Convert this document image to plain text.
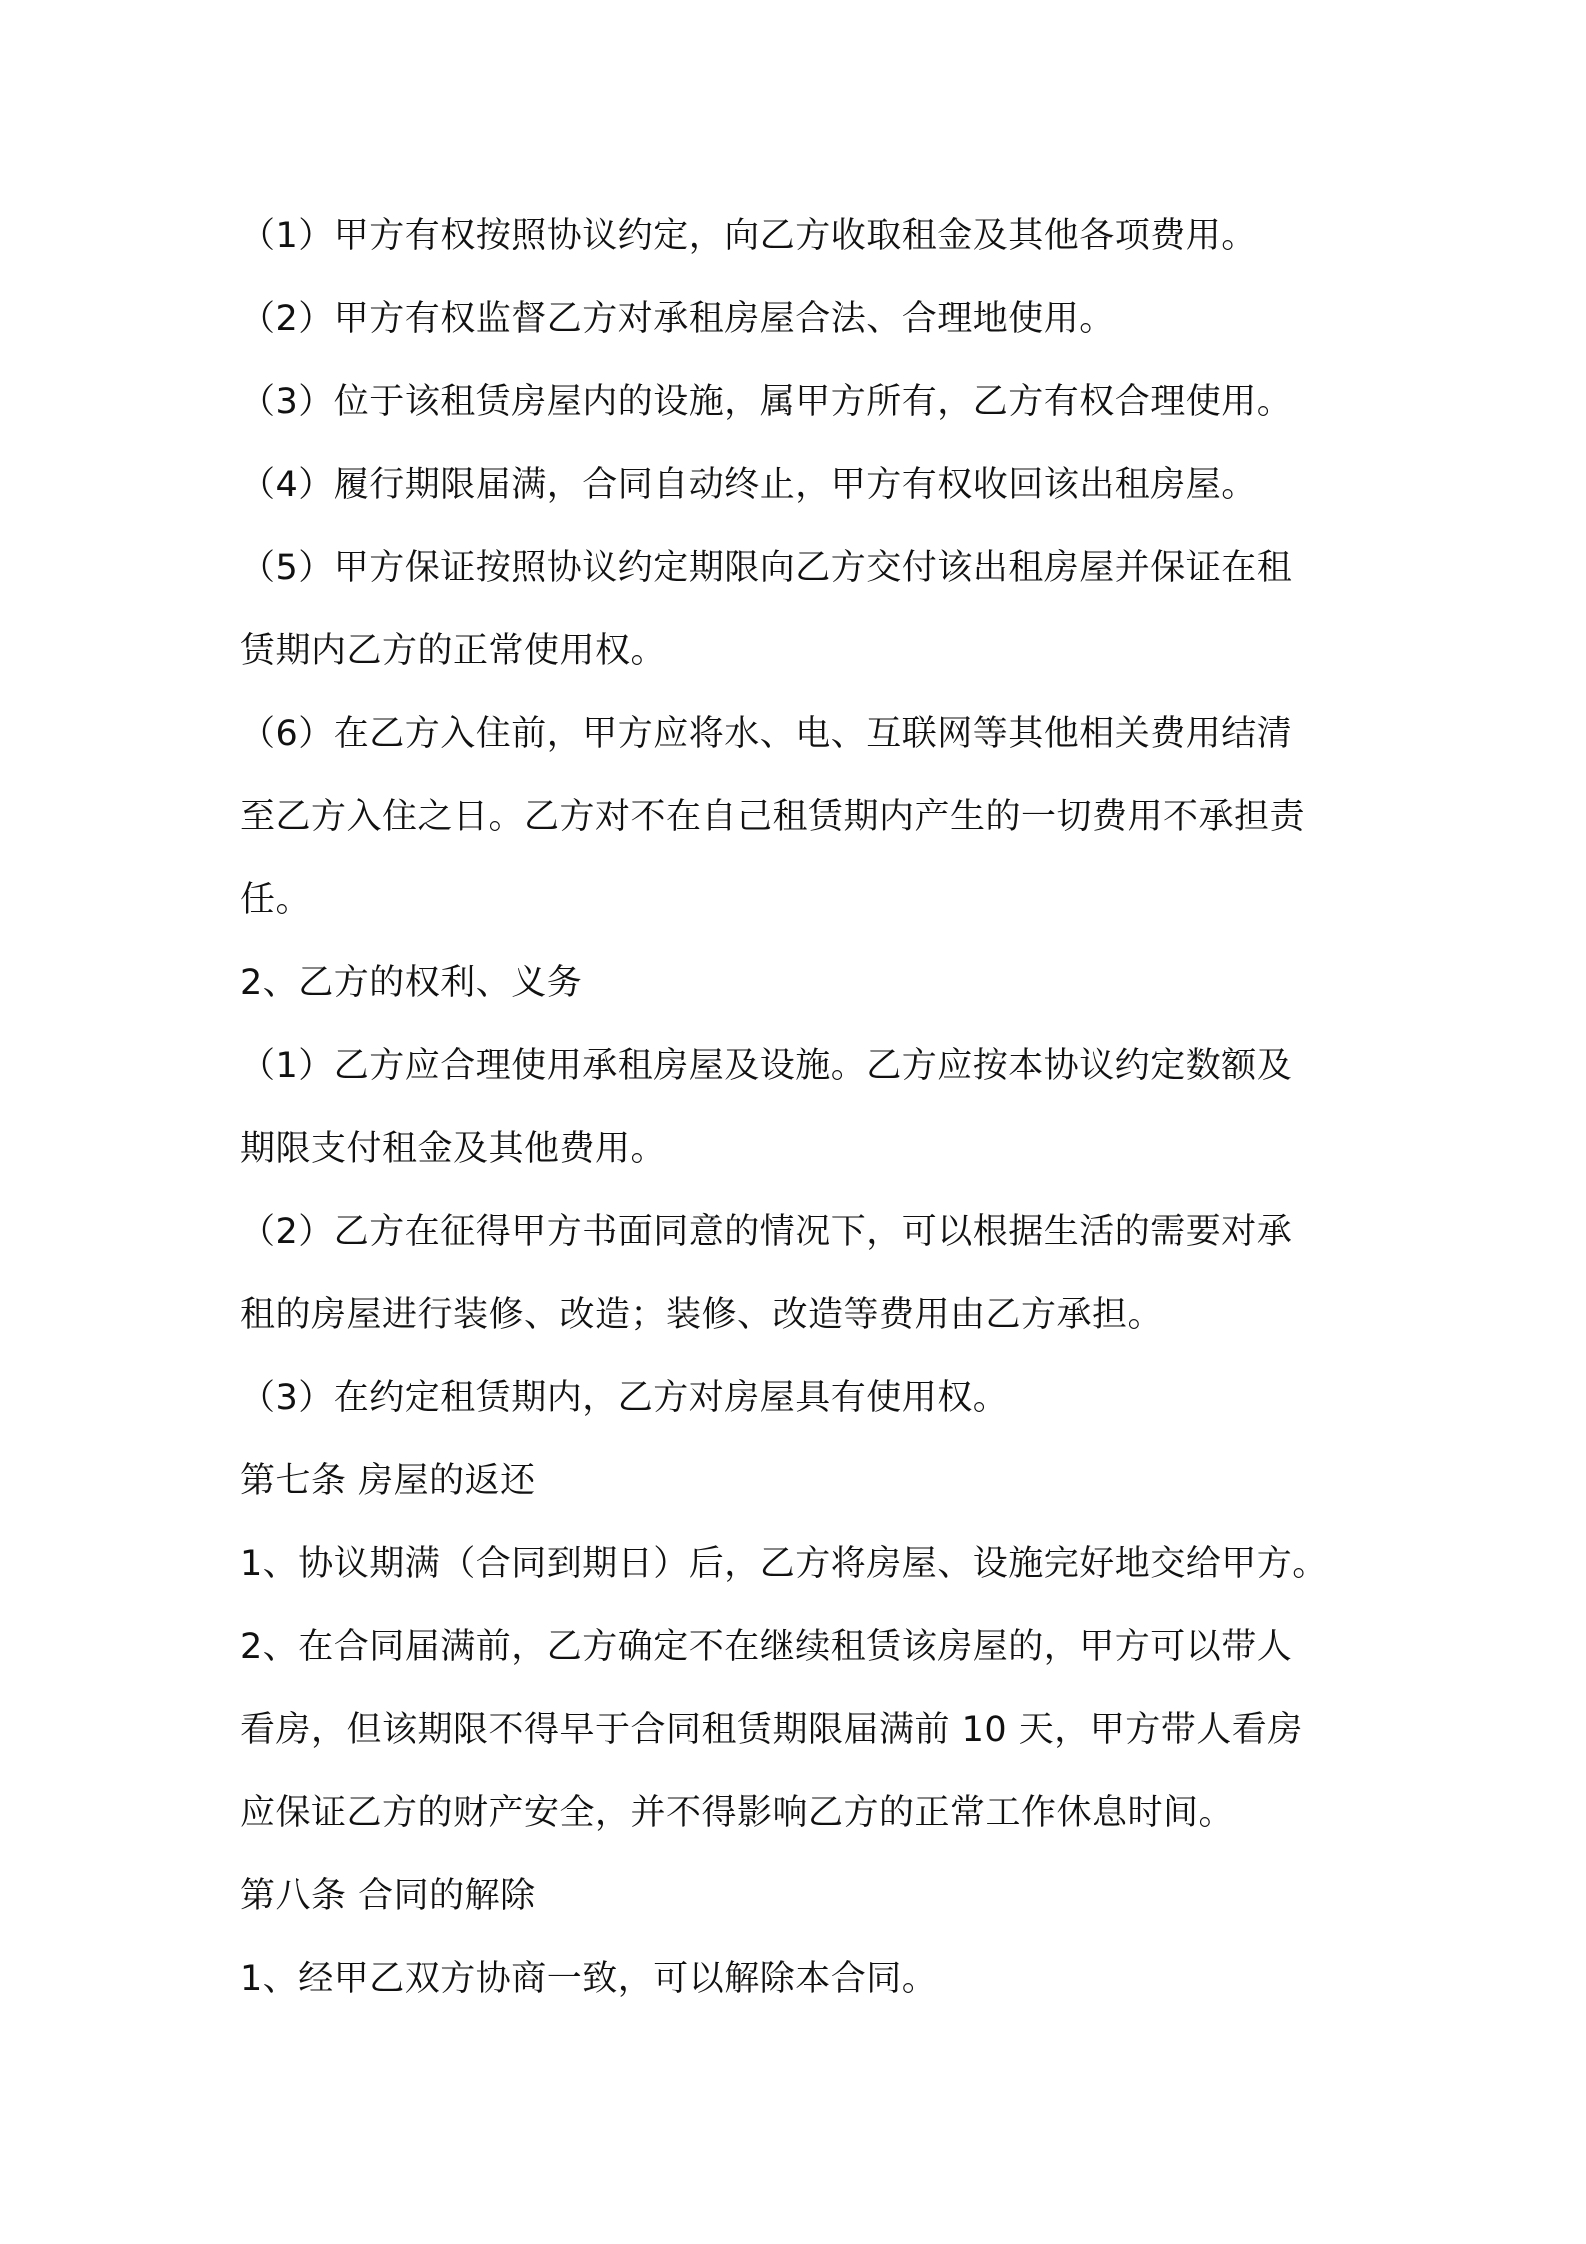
（1）甲方有权按照协议约定，向乙方收取租金及其他各项费用。
（2）甲方有权监督乙方对承租房屋合法、合理地使用。
（3）位于该租赁房屋内的设施，属甲方所有，乙方有权合理使用。
（4）履行期限届满，合同自动终止，甲方有权收回该出租房屋。
（5）甲方保证按照协议约定期限向乙方交付该出租房屋并保证在租
赁期内乙方的正常使用权。
（6）在乙方入住前，甲方应将水、电、互联网等其他相关费用结清
至乙方入住之日。乙方对不在自己租赁期内产生的一切费用不承担责
任。
2、乙方的权利、义务
（1）乙方应合理使用承租房屋及设施。乙方应按本协议约定数额及
期限支付租金及其他费用。
（2）乙方在征得甲方书面同意的情况下，可以根据生活的需要对承
租的房屋进行装修、改造；装修、改造等费用由乙方承担。
（3）在约定租赁期内，乙方对房屋具有使用权。
第七条 房屋的返还
1、协议期满（合同到期日）后，乙方将房屋、设施完好地交给甲方。
2、在合同届满前，乙方确定不在继续租赁该房屋的，甲方可以带人
看房，但该期限不得早于合同租赁期限届满前 10 天，甲方带人看房
应保证乙方的财产安全，并不得影响乙方的正常工作休息时间。
第八条 合同的解除
1、经甲乙双方协商一致，可以解除本合同。
